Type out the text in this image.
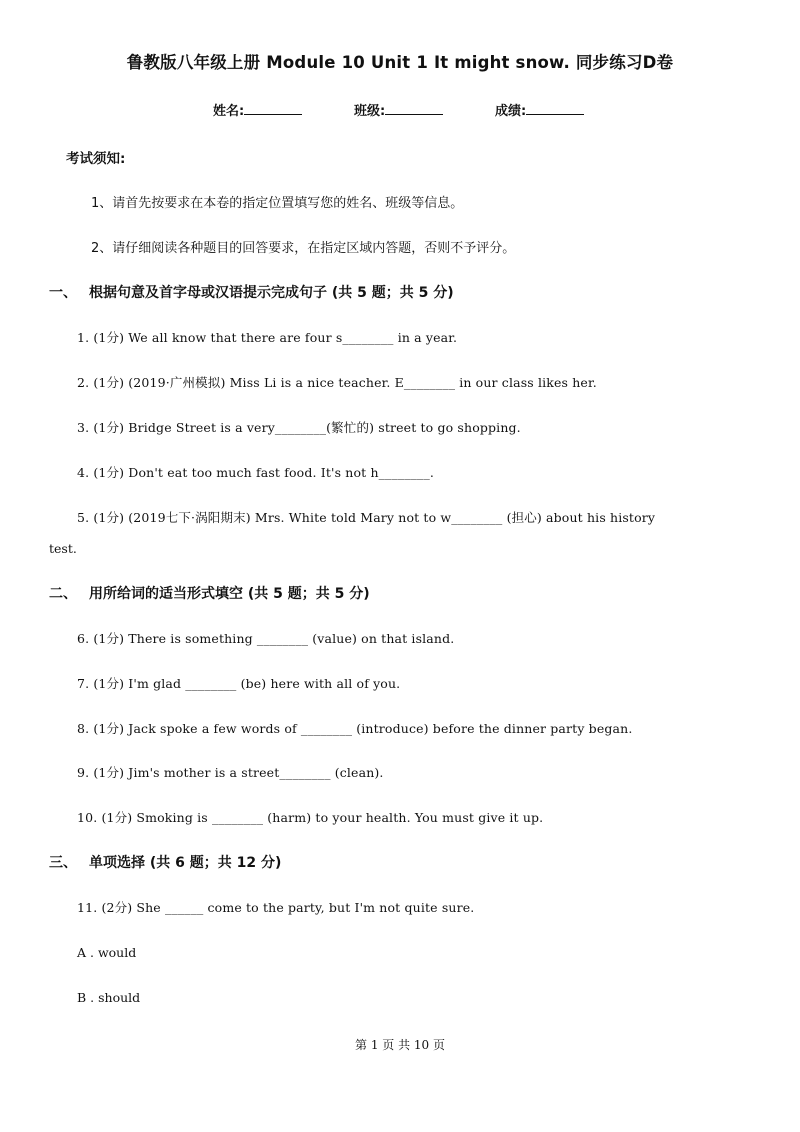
鲁教版八年级上册 Module 10 Unit 1 It might snow. 同步练习D卷
姓名:	班级:	成绩:
考试须知:
1、请首先按要求在本卷的指定位置填写您的姓名、班级等信息。
2、请仔细阅读各种题目的回答要求，在指定区域内答题，否则不予评分。
一、 根据句意及首字母或汉语提示完成句子 (共 5 题；共 5 分)
1. (1分) We all know that there are four s________ in a year.
2. (1分) (2019·广州模拟) Miss Li is a nice teacher. E________ in our class likes her.
3. (1分) Bridge Street is a very________(繁忙的) street to go shopping.
4. (1分) Don't eat too much fast food. It's not h________.
5. (1分) (2019七下·涡阳期末) Mrs. White told Mary not to w________ (担心) about his history
test.
二、 用所给词的适当形式填空 (共 5 题；共 5 分)
6. (1分) There is something ________ (value) on that island.
7. (1分) I'm glad ________ (be) here with all of you.
8. (1分) Jack spoke a few words of ________ (introduce) before the dinner party began.
9. (1分) Jim's mother is a street________ (clean).
10. (1分) Smoking is ________ (harm) to your health. You must give it up.
三、 单项选择 (共 6 题；共 12 分)
11. (2分) She ______ come to the party, but I'm not quite sure.
A . would
B . should
第 1 页 共 10 页
